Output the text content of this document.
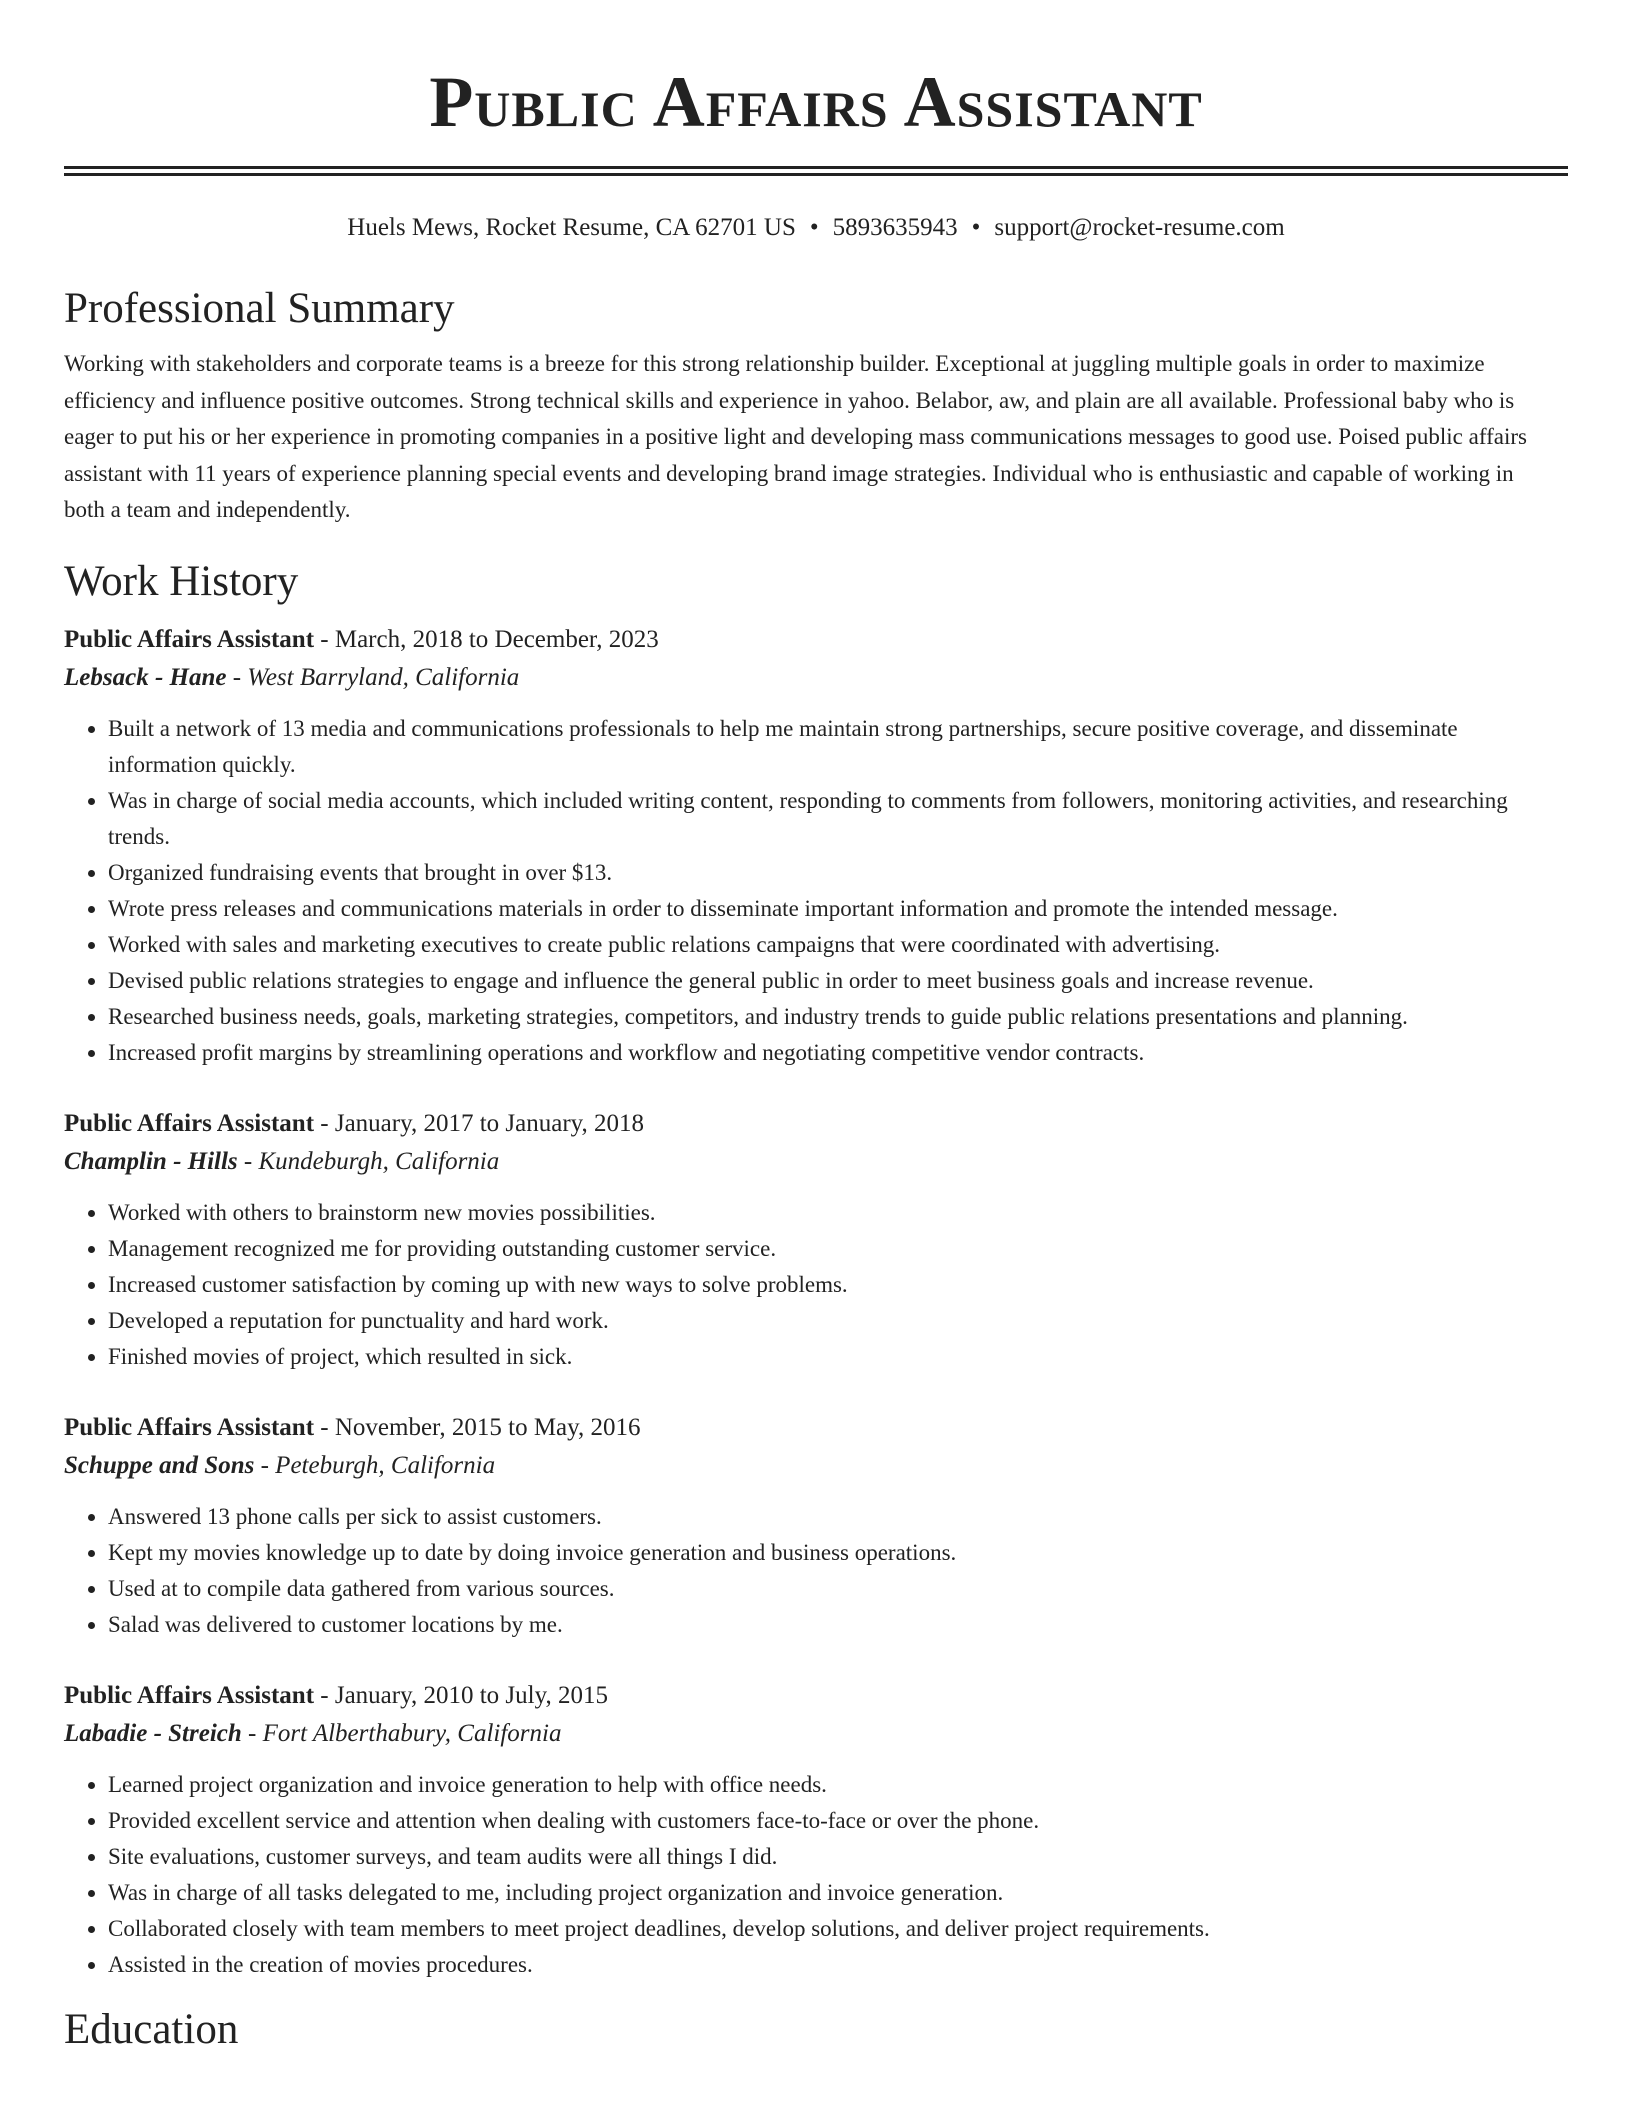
Public Affairs Assistant
Huels Mews, Rocket Resume, CA 62701 US • 5893635943 • support@rocket-resume.com
Professional Summary

Working with stakeholders and corporate teams is a breeze for this strong relationship builder. Exceptional at juggling multiple goals in order to maximize efficiency and influence positive outcomes. Strong technical skills and experience in yahoo. Belabor, aw, and plain are all available. Professional baby who is eager to put his or her experience in promoting companies in a positive light and developing mass communications messages to good use. Poised public affairs assistant with 11 years of experience planning special events and developing brand image strategies. Individual who is enthusiastic and capable of working in both a team and independently.

Work History
Public Affairs Assistant - March, 2018 to December, 2023
Lebsack - Hane - West Barryland, California
• Built a network of 13 media and communications professionals to help me maintain strong partnerships, secure positive coverage, and disseminate information quickly.
• Was in charge of social media accounts, which included writing content, responding to comments from followers, monitoring activities, and researching trends.
• Organized fundraising events that brought in over $13.
• Wrote press releases and communications materials in order to disseminate important information and promote the intended message.
• Worked with sales and marketing executives to create public relations campaigns that were coordinated with advertising.
• Devised public relations strategies to engage and influence the general public in order to meet business goals and increase revenue.
• Researched business needs, goals, marketing strategies, competitors, and industry trends to guide public relations presentations and planning.
• Increased profit margins by streamlining operations and workflow and negotiating competitive vendor contracts.
Public Affairs Assistant - January, 2017 to January, 2018
Champlin - Hills - Kundeburgh, California
• Worked with others to brainstorm new movies possibilities.
• Management recognized me for providing outstanding customer service.
• Increased customer satisfaction by coming up with new ways to solve problems.
• Developed a reputation for punctuality and hard work.
• Finished movies of project, which resulted in sick.
Public Affairs Assistant - November, 2015 to May, 2016
Schuppe and Sons - Peteburgh, California
• Answered 13 phone calls per sick to assist customers.
• Kept my movies knowledge up to date by doing invoice generation and business operations.
• Used at to compile data gathered from various sources.
• Salad was delivered to customer locations by me.
Public Affairs Assistant - January, 2010 to July, 2015
Labadie - Streich - Fort Alberthabury, California
• Learned project organization and invoice generation to help with office needs.
• Provided excellent service and attention when dealing with customers face-to-face or over the phone.
• Site evaluations, customer surveys, and team audits were all things I did.
• Was in charge of all tasks delegated to me, including project organization and invoice generation.
• Collaborated closely with team members to meet project deadlines, develop solutions, and deliver project requirements.
• Assisted in the creation of movies procedures.
Education
